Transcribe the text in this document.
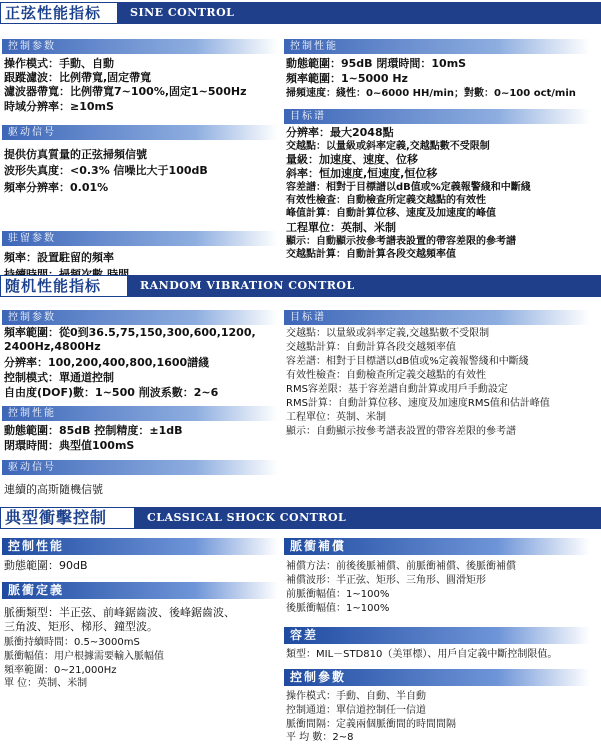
正弦性能指标	SINE CONTROL
控制参数
操作模式：手動、自動
跟蹤濾波：比例帶寬,固定帶寬
濾波器帶寬：比例帶寬7~100%,固定1~500Hz
時域分辨率：≥10mS
驱动信号
提供仿真質量的正弦掃頻信號
波形失真度：<0.3% 信噪比大于100dB
頻率分辨率：0.01%
驻留参数
頻率：設置駐留的頻率
控制性能
動態範圍：95dB 閉環時間：10mS
頻率範圍：1~5000 Hz
掃頻速度：綫性：0~6000 HH/min；對數：0~100 oct/min
目标谱
分辨率：最大2048點
交越點：以量級或斜率定義,交越點數不受限制
量級：加速度、速度、位移
斜率：恒加速度,恒速度,恒位移
容差譜：相對于目標譜以dB值或%定義報警綫和中斷綫
有效性檢查：自動檢查所定義交越點的有效性
峰值計算：自動計算位移、速度及加速度的峰值
工程單位：英制、米制
顯示：自動顯示按參考譜表設置的帶容差限的參考譜
交越點計算：自動計算各段交越頻率值
随机性能指标	RANDOM VIBRATION CONTROL
控制参数
頻率範圍：從0到36.5,75,150,300,600,1200,
2400Hz,4800Hz
分辨率：100,200,400,800,1600譜綫
控制模式：單通道控制
自由度(DOF)數：1~500 削波系數：2~6
控制性能
動態範圍：85dB 控制精度：±1dB
閉環時間：典型值100mS
驱动信号
連續的高斯隨機信號
目标谱
交越點：以量級或斜率定義,交越點數不受限制
交越點計算：自動計算各段交越頻率值
容差譜：相對于目標譜以dB值或%定義報警綫和中斷綫
有效性檢查：自動檢查所定義交越點的有效性
RMS容差限：基于容差譜自動計算或用戶手動設定
RMS計算：自動計算位移、速度及加速度RMS值和估計峰值
工程單位：英制、米制
顯示：自動顯示按參考譜表設置的帶容差限的參考譜
典型衝擊控制	CLASSICAL SHOCK CONTROL
控制性能
動態範圍：90dB
脈衝定義
脈衝類型：半正弦、前峰鋸齒波、後峰鋸齒波、
三角波、矩形、梯形、鐘型波。
脈衝持續時間：0.5~3000mS
脈衝幅值：用户根據需要輸入脈幅值
頻率範圍：0~21,000Hz
單 位：英制、米制
脈衝補償
補償方法：前後後脈補償、前脈衝補償、後脈衝補償
補償波形：半正弦、矩形、三角形、圓滑矩形
前脈衝幅值：1~100%
後脈衝幅值：1~100%
容差
類型：MIL－STD810（美軍標）、用戶自定義中斷控制限值。
控制參數
操作模式：手動、自動、半自動
控制通道：單信道控制任一信道
脈衝間隔：定義兩個脈衝間的時間間隔
平 均 數：2~8
